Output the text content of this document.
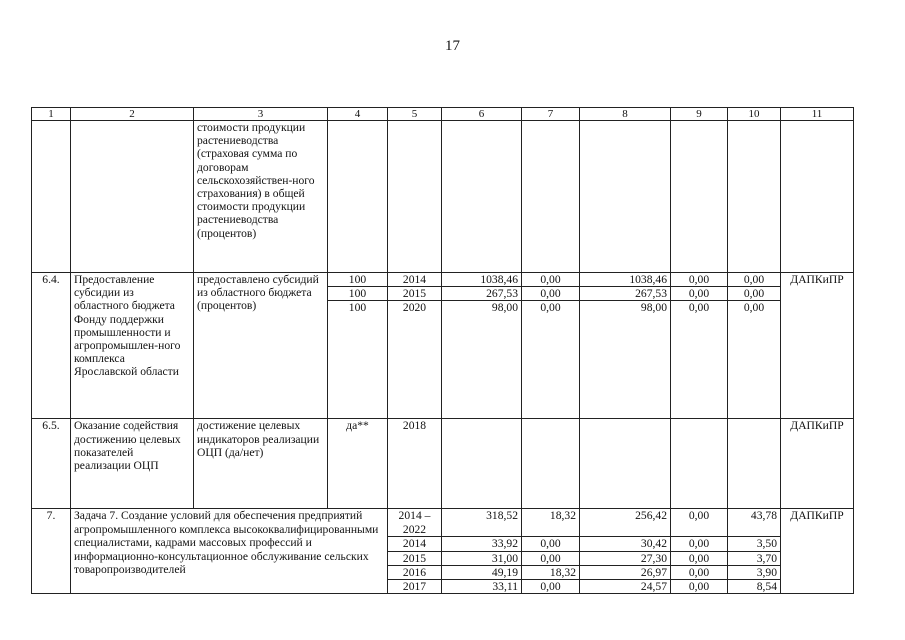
17
1	2	3	4	5	6	7	8	9	10	11
		стоимости продукции растениеводства (страховая сумма по договорам сельскохозяйствен-ного страхования) в общей стоимости продукции растениеводства (процентов)								
6.4.	Предоставление субсидии из областного бюджета Фонду поддержки промышленности и агропромышлен-ного комплекса Ярославской области	предоставлено субсидий из областного бюджета (процентов)	100	2014	1038,46	0,00	1038,46	0,00	0,00	ДАПКиПР
			100	2015	267,53	0,00	267,53	0,00	0,00	
			100	2020	98,00	0,00	98,00	0,00	0,00	
6.5.	Оказание содействия достижению целевых показателей реализации ОЦП	достижение целевых индикаторов реализации ОЦП (да/нет)	да**	2018						ДАПКиПР
7.	Задача 7. Создание условий для обеспечения предприятий агропромышленного комплекса высококвалифицированными специалистами, кадрами массовых профессий и информационно-консультационное обслуживание сельских товаропроизводителей			2014 – 2022	318,52	18,32	256,42	0,00	43,78	ДАПКиПР
				2014	33,92	0,00	30,42	0,00	3,50	
				2015	31,00	0,00	27,30	0,00	3,70	
				2016	49,19	18,32	26,97	0,00	3,90	
				2017	33,11	0,00	24,57	0,00	8,54	
